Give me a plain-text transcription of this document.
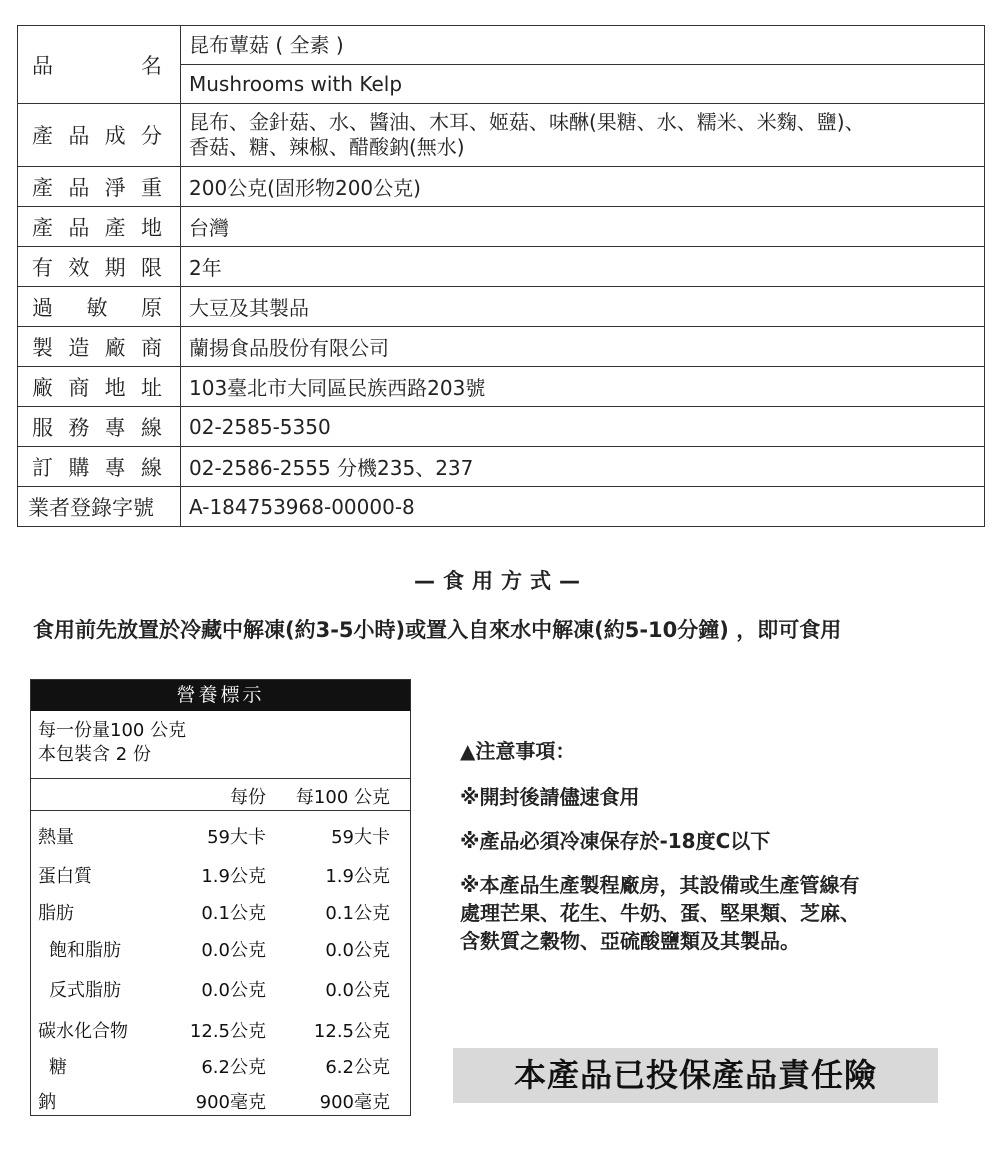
品　　名	昆布蕈菇 ( 全素 )
Mushrooms with Kelp

產品成分	昆布、金針菇、水、醬油、木耳、姬菇、味醂(果糖、水、糯米、米麴、鹽)、
香菇、糖、辣椒、醋酸鈉(無水)

產品淨重	200公克(固形物200公克)
產品產地	台灣
有效期限	2年
過　敏　原	大豆及其製品
製造廠商	蘭揚食品股份有限公司
廠商地址	103臺北市大同區民族西路203號
服務專線	02-2585-5350
訂購專線	02-2586-2555 分機235、237
業者登錄字號	A-184753968-00000-8
—食用方式—
食用前先放置於冷藏中解凍(約3-5小時)或置入自來水中解凍(約5-10分鐘) ，即可食用
營養標示
每一份量100 公克
本包裝含 2 份
每份 每100 公克
熱量	59大卡	59大卡
蛋白質	1.9公克	1.9公克
脂肪	0.1公克	0.1公克
飽和脂肪	0.0公克	0.0公克
反式脂肪	0.0公克	0.0公克
碳水化合物	12.5公克	12.5公克
糖	6.2公克	6.2公克
鈉	900毫克	900毫克
▲注意事項：
※開封後請儘速食用
※產品必須冷凍保存於-18度C以下
※本產品生產製程廠房，其設備或生產管線有
處理芒果、花生、牛奶、蛋、堅果類、芝麻、
含麩質之穀物、亞硫酸鹽類及其製品。
本產品已投保產品責任險
